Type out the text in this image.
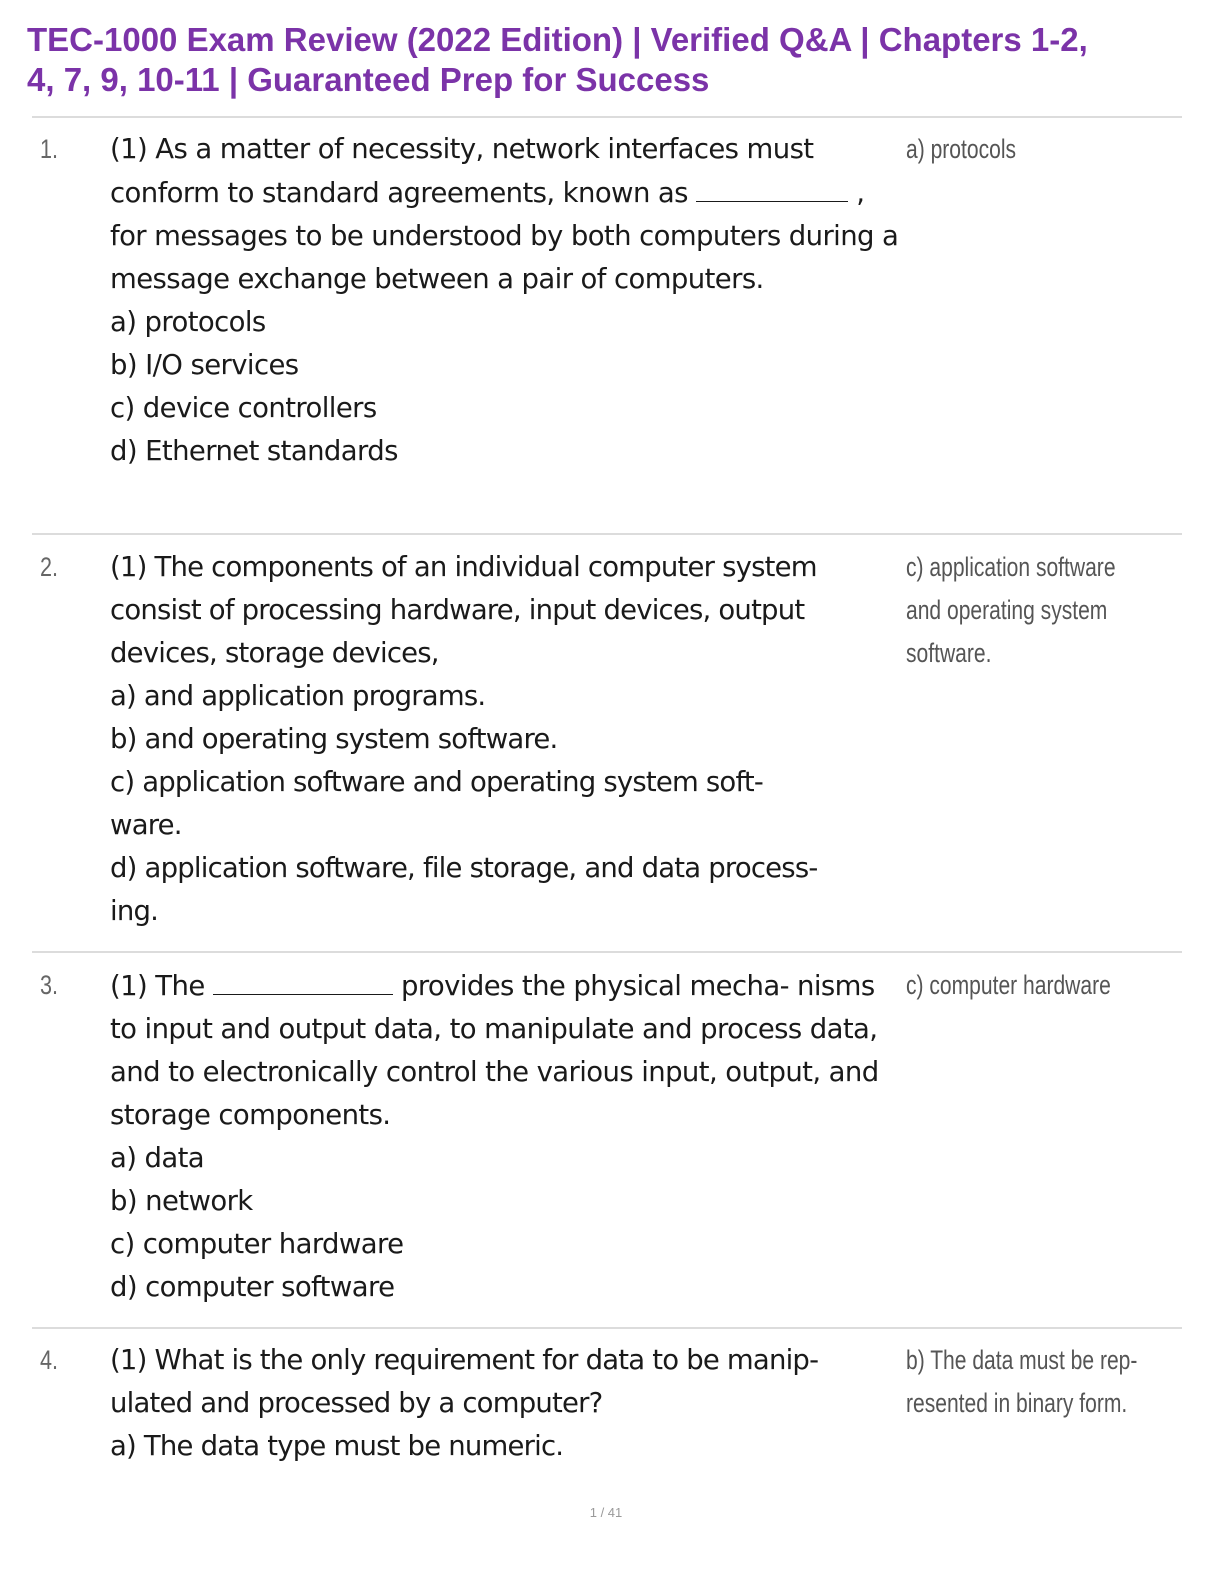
TEC-1000 Exam Review (2022 Edition) | Verified Q&A | Chapters 1-2,
4, 7, 9, 10-11 | Guaranteed Prep for Success
1. (1) As a matter of necessity, network interfaces must conform to standard agreements, known as	, for messages to be understood by both computers during a message exchange between a pair of computers.

a) protocols

b) I/O services

c) device controllers

d) Ethernet standards

a) protocols

2. (1) The components of an individual computer system consist of processing hardware, input devices, output devices, storage devices,

a) and application programs.

b) and operating system software.

c) application software and operating system soft-

ware.

d) application software, file storage, and data process-

ing.

c) application software

and operating system

software.

3. (1) The	provides the physical mecha- nisms to input and output data, to manipulate and process data, and to electronically control the various input, output, and storage components.

a) data

b) network

c) computer hardware

d) computer software

c) computer hardware

4. (1) What is the only requirement for data to be manip-

ulated and processed by a computer?

a) The data type must be numeric.

b) The data must be rep-

resented in binary form.

1 / 41
